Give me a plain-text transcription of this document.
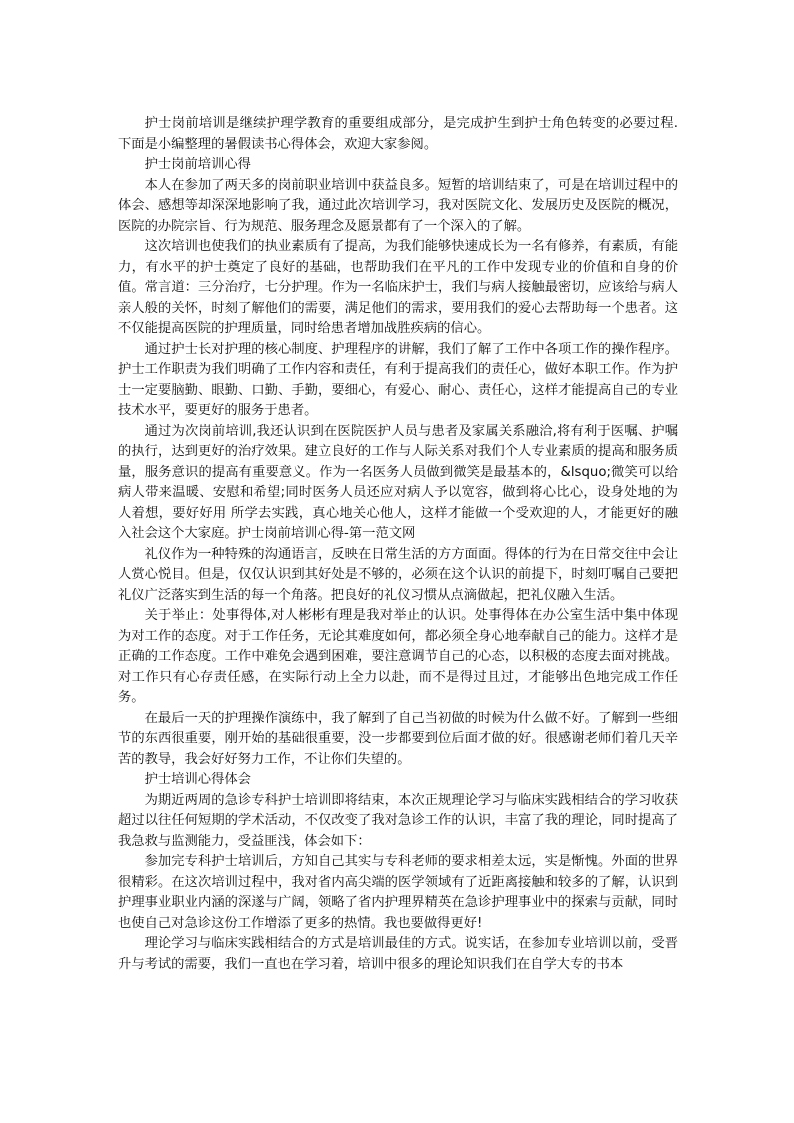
护士岗前培训是继续护理学教育的重要组成部分，是完成护生到护士角色转变的必要过程.下面是小编整理的暑假读书心得体会，欢迎大家参阅。

护士岗前培训心得

本人在参加了两天多的岗前职业培训中获益良多。短暂的培训结束了，可是在培训过程中的体会、感想等却深深地影响了我，通过此次培训学习，我对医院文化、发展历史及医院的概况，医院的办院宗旨、行为规范、服务理念及愿景都有了一个深入的了解。

这次培训也使我们的执业素质有了提高，为我们能够快速成长为一名有修养，有素质，有能力，有水平的护士奠定了良好的基础，也帮助我们在平凡的工作中发现专业的价值和自身的价值。常言道：三分治疗，七分护理。作为一名临床护士，我们与病人接触最密切，应该给与病人亲人般的关怀，时刻了解他们的需要，满足他们的需求，要用我们的爱心去帮助每一个患者。这不仅能提高医院的护理质量，同时给患者增加战胜疾病的信心。

通过护士长对护理的核心制度、护理程序的讲解，我们了解了工作中各项工作的操作程序。护士工作职责为我们明确了工作内容和责任，有利于提高我们的责任心，做好本职工作。作为护士一定要脑勤、眼勤、口勤、手勤，要细心，有爱心、耐心、责任心，这样才能提高自己的专业技术水平，要更好的服务于患者。

通过为次岗前培训,我还认识到在医院医护人员与患者及家属关系融洽,将有利于医嘱、护嘱的执行，达到更好的治疗效果。建立良好的工作与人际关系对我们个人专业素质的提高和服务质量，服务意识的提高有重要意义。作为一名医务人员做到微笑是最基本的，&lsquo;微笑可以给病人带来温暖、安慰和希望;同时医务人员还应对病人予以宽容，做到将心比心，设身处地的为人着想，要好好用 所学去实践，真心地关心他人，这样才能做一个受欢迎的人，才能更好的融入社会这个大家庭。护士岗前培训心得-第一范文网

礼仪作为一种特殊的沟通语言，反映在日常生活的方方面面。得体的行为在日常交往中会让人赏心悦目。但是，仅仅认识到其好处是不够的，必须在这个认识的前提下，时刻叮嘱自己要把礼仪广泛落实到生活的每一个角落。把良好的礼仪习惯从点滴做起，把礼仪融入生活。

关于举止：处事得体,对人彬彬有理是我对举止的认识。处事得体在办公室生活中集中体现为对工作的态度。对于工作任务，无论其难度如何，都必须全身心地奉献自己的能力。这样才是正确的工作态度。工作中难免会遇到困难，要注意调节自己的心态，以积极的态度去面对挑战。对工作只有心存责任感，在实际行动上全力以赴，而不是得过且过，才能够出色地完成工作任务。

在最后一天的护理操作演练中，我了解到了自己当初做的时候为什么做不好。了解到一些细节的东西很重要，刚开始的基础很重要，没一步都要到位后面才做的好。很感谢老师们着几天辛苦的教导，我会好好努力工作，不让你们失望的。

护士培训心得体会

为期近两周的急诊专科护士培训即将结束，本次正规理论学习与临床实践相结合的学习收获超过以往任何短期的学术活动，不仅改变了我对急诊工作的认识，丰富了我的理论，同时提高了我急救与监测能力，受益匪浅，体会如下：

参加完专科护士培训后，方知自己其实与专科老师的要求相差太远，实是惭愧。外面的世界很精彩。在这次培训过程中，我对省内高尖端的医学领域有了近距离接触和较多的了解，认识到护理事业职业内涵的深遂与广阔，领略了省内护理界精英在急诊护理事业中的探索与贡献，同时也使自己对急诊这份工作增添了更多的热情。我也要做得更好!

理论学习与临床实践相结合的方式是培训最佳的方式。说实话，在参加专业培训以前，受晋升与考试的需要，我们一直也在学习着，培训中很多的理论知识我们在自学大专的书本
